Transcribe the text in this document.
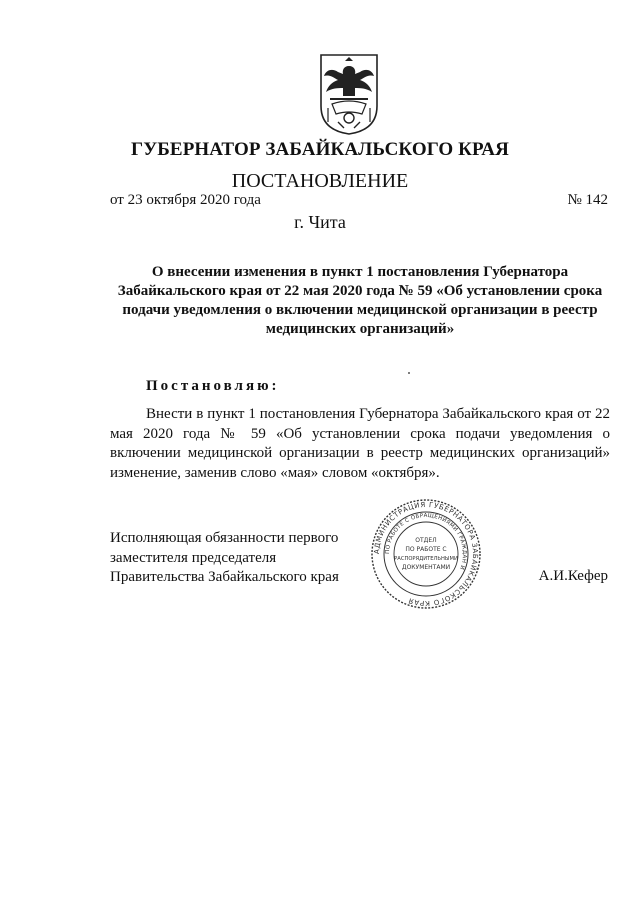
ГУБЕРНАТОР ЗАБАЙКАЛЬСКОГО КРАЯ
ПОСТАНОВЛЕНИЕ
от 23 октября 2020 года	№ 142
г. Чита
О внесении изменения в пункт 1 постановления Губернатора
Забайкальского края от 22 мая 2020 года № 59 «Об установлении срока
подачи уведомления о включении медицинской организации в реестр
медицинских организаций»
Постановляю:
Внести в пункт 1 постановления Губернатора Забайкальского края от 22 мая 2020 года № 59 «Об установлении срока подачи уведомления о включении медицинской организации в реестр медицинских организаций» изменение, заменив слово «мая» словом «октября».
Исполняющая обязанности первого
заместителя председателя
Правительства Забайкальского края	А.И.Кефер
АДМИНИСТРАЦИЯ ГУБЕРНАТОРА ЗАБАЙКАЛЬСКОГО КРАЯ
ПО РАБОТЕ С ОБРАЩЕНИЯМИ ГРАЖДАН И
ОТДЕЛ
ПО РАБОТЕ С
РАСПОРЯДИТЕЛЬНЫМИ
ДОКУМЕНТАМИ
